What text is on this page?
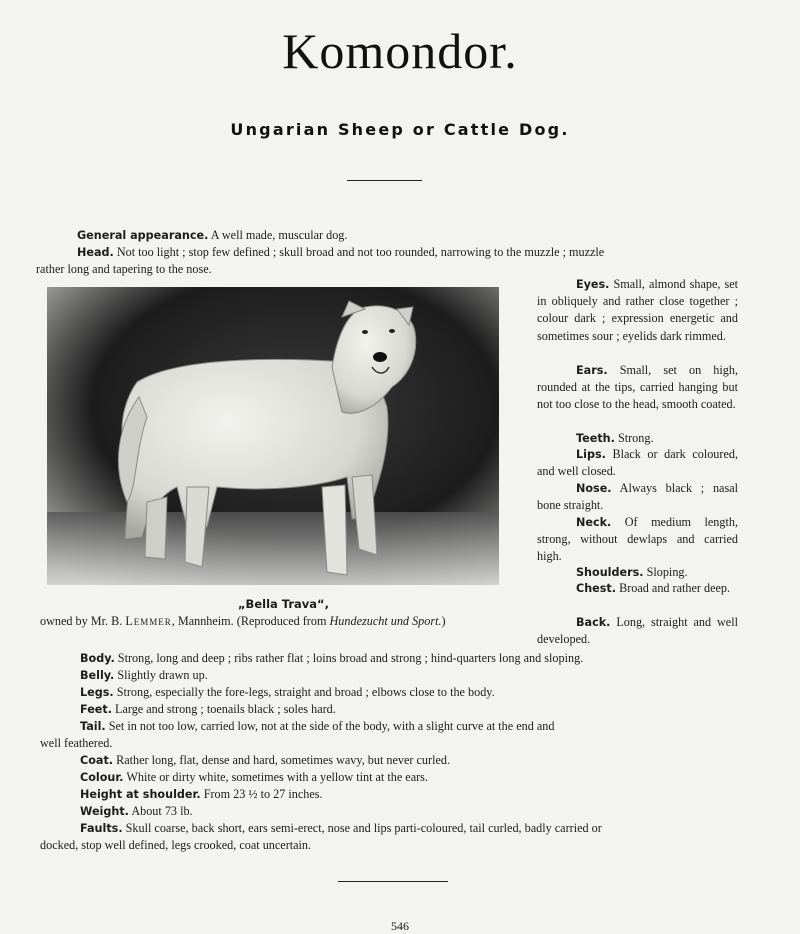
Komondor.
Ungarian Sheep or Cattle Dog.
General appearance. A well made, muscular dog.
Head. Not too light ; stop few defined ; skull broad and not too rounded, narrowing to the muzzle ; muzzle
rather long and tapering to the nose.
Eyes. Small, almond shape, set in obliquely and rather close together ; colour dark ; expression energetic and sometimes sour ; eyelids dark rimmed.
Ears. Small, set on high, rounded at the tips, carried hanging but not too close to the head, smooth coated.
Teeth. Strong.
Lips. Black or dark coloured, and well closed.
Nose. Always black ; nasal bone straight.
Neck. Of medium length, strong, without dewlaps and carried high.
Shoulders. Sloping.
Chest. Broad and rather deep.
Back. Long, straight and well developed.
„Bella Trava“,
owned by Mr. B. Lemmer, Mannheim. (Reproduced from Hundezucht und Sport.)
Body. Strong, long and deep ; ribs rather flat ; loins broad and strong ; hind-quarters long and sloping.
Belly. Slightly drawn up.
Legs. Strong, especially the fore-legs, straight and broad ; elbows close to the body.
Feet. Large and strong ; toenails black ; soles hard.
Tail. Set in not too low, carried low, not at the side of the body, with a slight curve at the end and
well feathered.
Coat. Rather long, flat, dense and hard, sometimes wavy, but never curled.
Colour. White or dirty white, sometimes with a yellow tint at the ears.
Height at shoulder. From 23 ½ to 27 inches.
Weight. About 73 lb.
Faults. Skull coarse, back short, ears semi-erect, nose and lips parti-coloured, tail curled, badly carried or
docked, stop well defined, legs crooked, coat uncertain.
546
